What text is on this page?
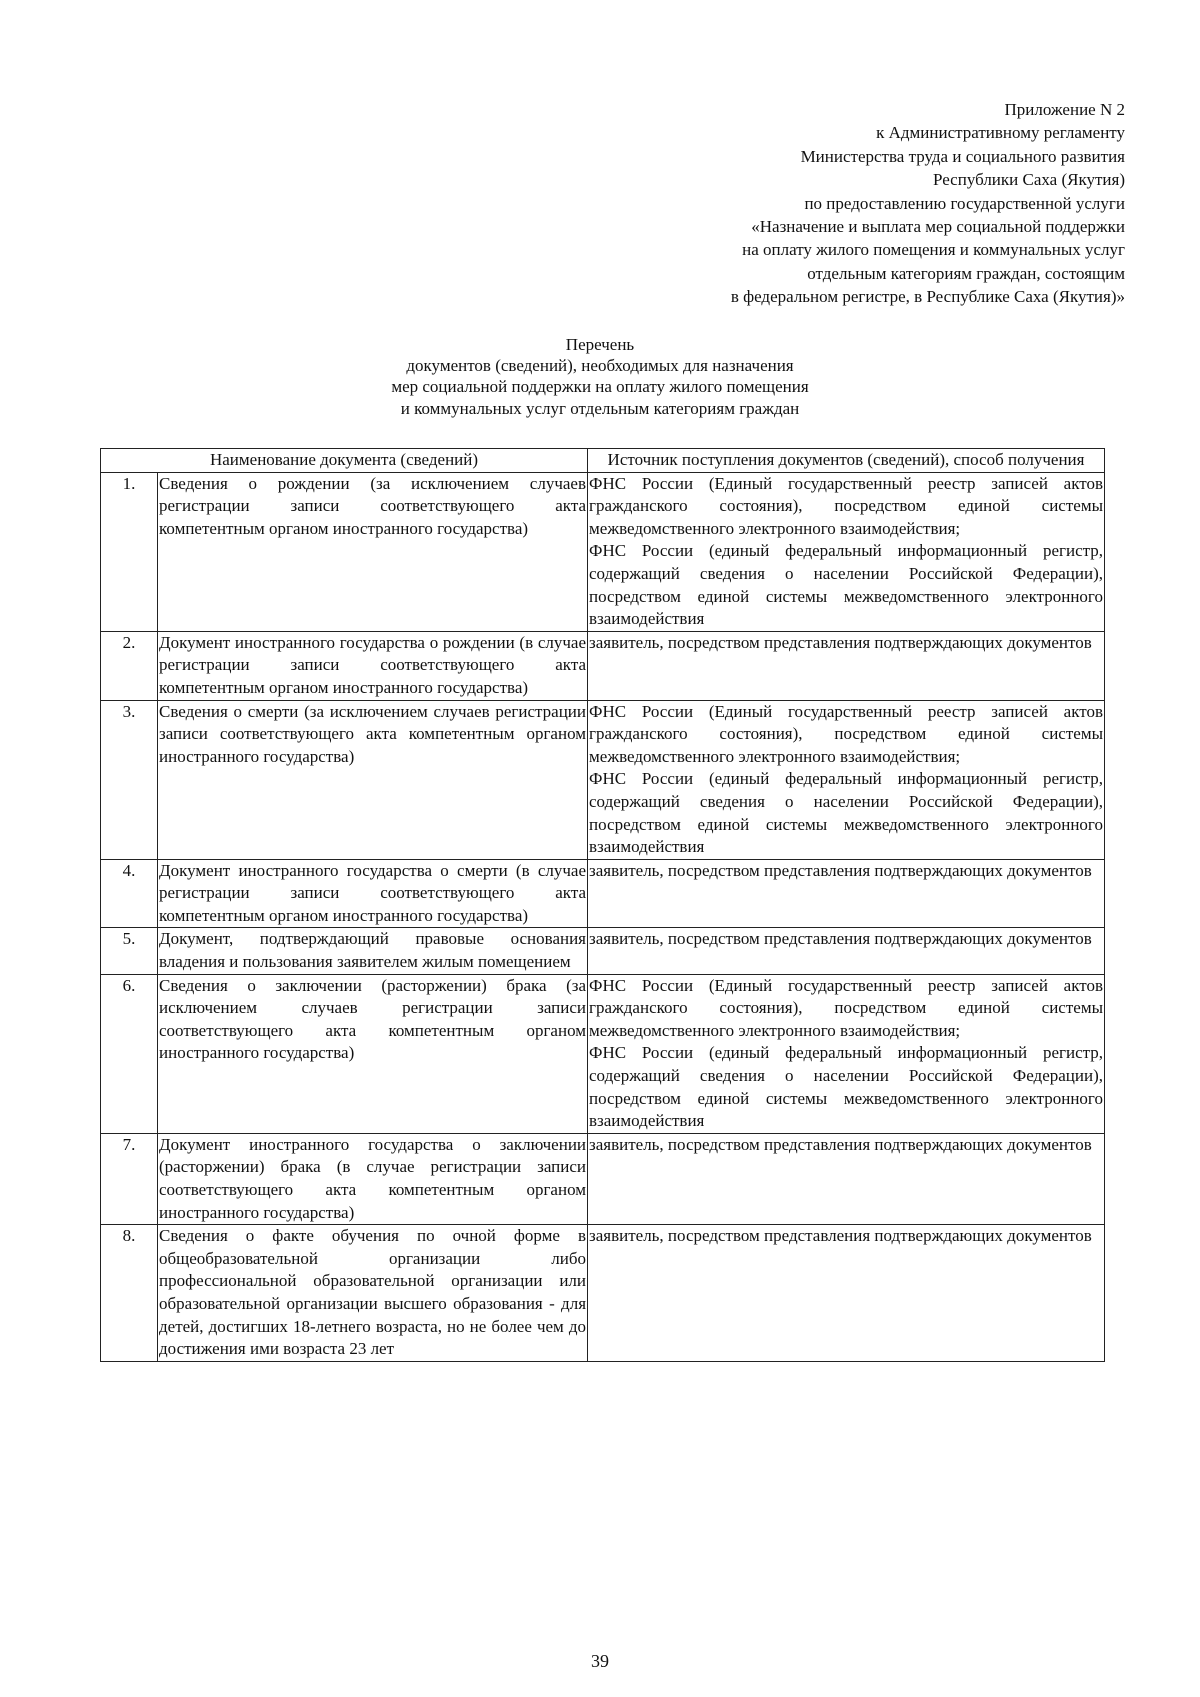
Приложение N 2
к Административному регламенту
Министерства труда и социального развития
Республики Саха (Якутия)
по предоставлению государственной услуги
«Назначение и выплата мер социальной поддержки
на оплату жилого помещения и коммунальных услуг
отдельным категориям граждан, состоящим
в федеральном регистре, в Республике Саха (Якутия)»
Перечень
документов (сведений), необходимых для назначения
мер социальной поддержки на оплату жилого помещения
и коммунальных услуг отдельным категориям граждан
Наименование документа (сведений)		Источник поступления документов (сведений), способ получения
1.	Сведения о рождении (за исключением случаев регистрации записи соответствующего акта компетентным органом иностранного государства)	ФНС России (Единый государственный реестр записей актов гражданского состояния), посредством единой системы межведомственного электронного взаимодействия;
ФНС России (единый федеральный информационный регистр, содержащий сведения о населении Российской Федерации), посредством единой системы межведомственного электронного взаимодействия

2.	Документ иностранного государства о рождении (в случае регистрации записи соответствующего акта компетентным органом иностранного государства)	заявитель, посредством представления подтверждающих документов

3.	Сведения о смерти (за исключением случаев регистрации записи соответствующего акта компетентным органом иностранного государства)	ФНС России (Единый государственный реестр записей актов гражданского состояния), посредством единой системы межведомственного электронного взаимодействия;
ФНС России (единый федеральный информационный регистр, содержащий сведения о населении Российской Федерации), посредством единой системы межведомственного электронного взаимодействия

4.	Документ иностранного государства о смерти (в случае регистрации записи соответствующего акта компетентным органом иностранного государства)	заявитель, посредством представления подтверждающих документов

5.	Документ, подтверждающий правовые основания владения и пользования заявителем жилым помещением	заявитель, посредством представления подтверждающих документов

6.	Сведения о заключении (расторжении) брака (за исключением случаев регистрации записи соответствующего акта компетентным органом иностранного государства)	ФНС России (Единый государственный реестр записей актов гражданского состояния), посредством единой системы межведомственного электронного взаимодействия;
ФНС России (единый федеральный информационный регистр, содержащий сведения о населении Российской Федерации), посредством единой системы межведомственного электронного взаимодействия

7.	Документ иностранного государства о заключении (расторжении) брака (в случае регистрации записи соответствующего акта компетентным органом иностранного государства)	заявитель, посредством представления подтверждающих документов

8.	Сведения о факте обучения по очной форме в общеобразовательной организации либо профессиональной образовательной организации или образовательной организации высшего образования - для детей, достигших 18-летнего возраста, но не более чем до достижения ими возраста 23 лет	заявитель, посредством представления подтверждающих документов
39
